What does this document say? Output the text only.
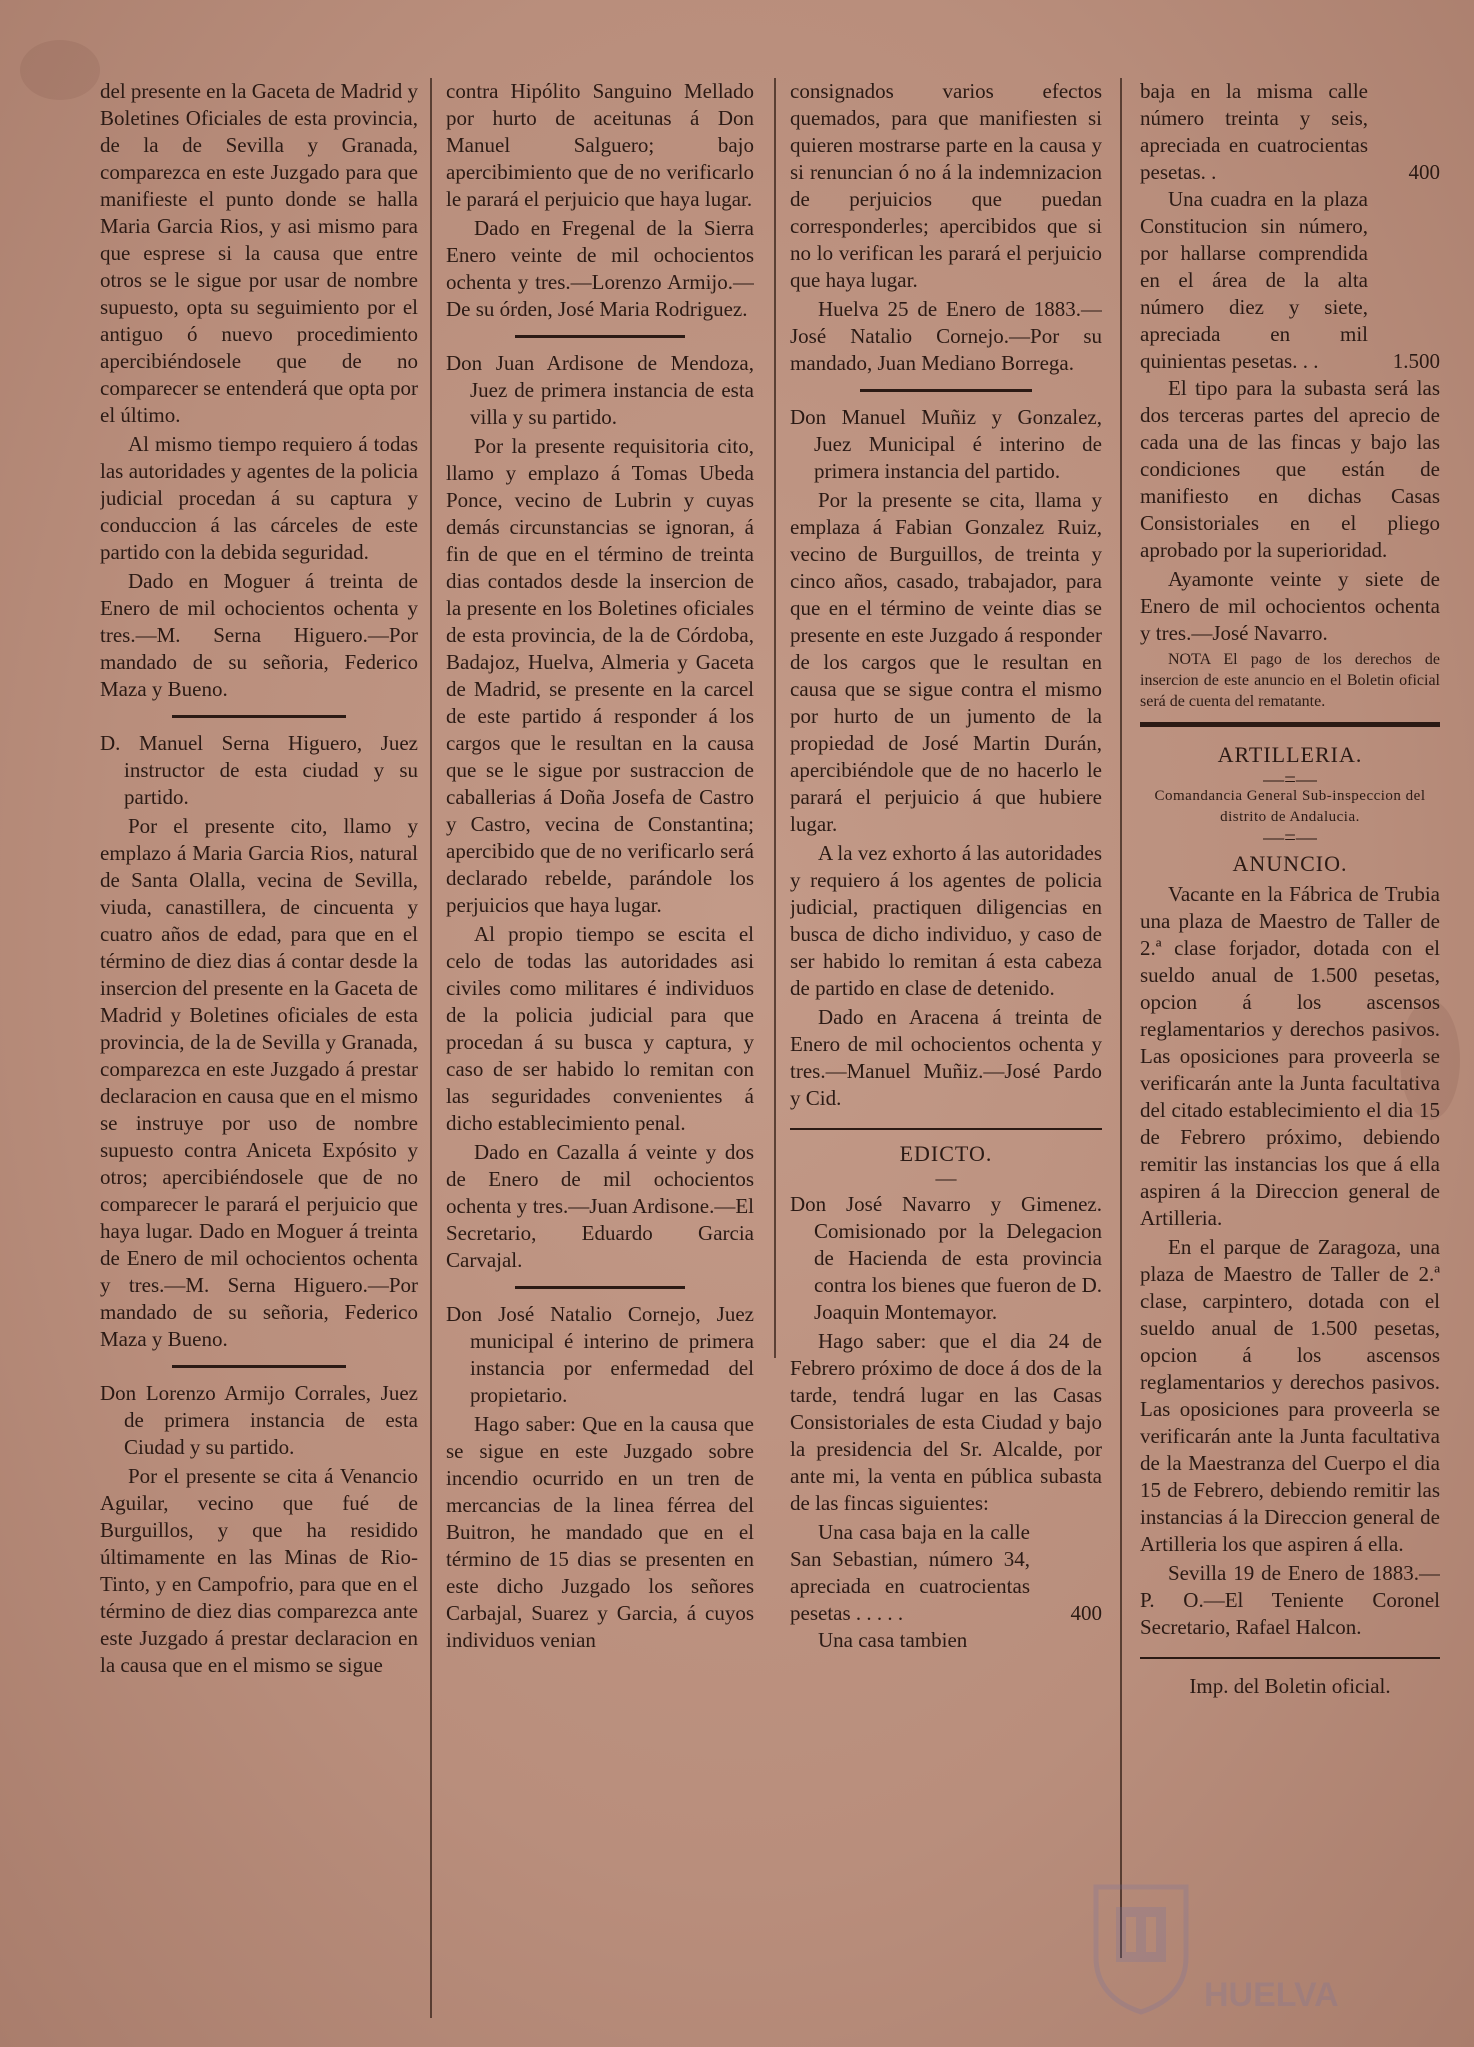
del presente en la Gaceta de Madrid y Boletines Oficiales de esta provincia, de la de Sevilla y Granada, comparezca en este Juzgado para que manifieste el punto donde se halla Maria Garcia Rios, y asi mismo para que esprese si la causa que entre otros se le sigue por usar de nombre supuesto, opta su seguimiento por el antiguo ó nuevo procedimiento apercibiéndosele que de no comparecer se entenderá que opta por el último.

Al mismo tiempo requiero á todas las autoridades y agentes de la policia judicial procedan á su captura y conduccion á las cárceles de este partido con la debida seguridad.

Dado en Moguer á treinta de Enero de mil ochocientos ochenta y tres.—M. Serna Higuero.—Por mandado de su señoria, Federico Maza y Bueno.

D. Manuel Serna Higuero, Juez instructor de esta ciudad y su partido.

Por el presente cito, llamo y emplazo á Maria Garcia Rios, natural de Santa Olalla, vecina de Sevilla, viuda, canastillera, de cincuenta y cuatro años de edad, para que en el término de diez dias á contar desde la insercion del presente en la Gaceta de Madrid y Boletines oficiales de esta provincia, de la de Sevilla y Granada, comparezca en este Juzgado á prestar declaracion en causa que en el mismo se instruye por uso de nombre supuesto contra Aniceta Expósito y otros; apercibiéndosele que de no comparecer le parará el perjuicio que haya lugar. Dado en Moguer á treinta de Enero de mil ochocientos ochenta y tres.—M. Serna Higuero.—Por mandado de su señoria, Federico Maza y Bueno.

Don Lorenzo Armijo Corrales, Juez de primera instancia de esta Ciudad y su partido.

Por el presente se cita á Venancio Aguilar, vecino que fué de Burguillos, y que ha residido últimamente en las Minas de Rio-Tinto, y en Campofrio, para que en el término de diez dias comparezca ante este Juzgado á prestar declaracion en la causa que en el mismo se sigue

contra Hipólito Sanguino Mellado por hurto de aceitunas á Don Manuel Salguero; bajo apercibimiento que de no verificarlo le parará el perjuicio que haya lugar.

Dado en Fregenal de la Sierra Enero veinte de mil ochocientos ochenta y tres.—Lorenzo Armijo.—De su órden, José Maria Rodriguez.

Don Juan Ardisone de Mendoza, Juez de primera instancia de esta villa y su partido.

Por la presente requisitoria cito, llamo y emplazo á Tomas Ubeda Ponce, vecino de Lubrin y cuyas demás circunstancias se ignoran, á fin de que en el término de treinta dias contados desde la insercion de la presente en los Boletines oficiales de esta provincia, de la de Córdoba, Badajoz, Huelva, Almeria y Gaceta de Madrid, se presente en la carcel de este partido á responder á los cargos que le resultan en la causa que se le sigue por sustraccion de caballerias á Doña Josefa de Castro y Castro, vecina de Constantina; apercibido que de no verificarlo será declarado rebelde, parándole los perjuicios que haya lugar.

Al propio tiempo se escita el celo de todas las autoridades asi civiles como militares é individuos de la policia judicial para que procedan á su busca y captura, y caso de ser habido lo remitan con las seguridades convenientes á dicho establecimiento penal.

Dado en Cazalla á veinte y dos de Enero de mil ochocientos ochenta y tres.—Juan Ardisone.—El Secretario, Eduardo Garcia Carvajal.

Don José Natalio Cornejo, Juez municipal é interino de primera instancia por enfermedad del propietario.

Hago saber: Que en la causa que se sigue en este Juzgado sobre incendio ocurrido en un tren de mercancias de la linea férrea del Buitron, he mandado que en el término de 15 dias se presenten en este dicho Juzgado los señores Carbajal, Suarez y Garcia, á cuyos individuos venian

consignados varios efectos quemados, para que manifiesten si quieren mostrarse parte en la causa y si renuncian ó no á la indemnizacion de perjuicios que puedan corresponderles; apercibidos que si no lo verifican les parará el perjuicio que haya lugar.

Huelva 25 de Enero de 1883.—José Natalio Cornejo.—Por su mandado, Juan Mediano Borrega.

Don Manuel Muñiz y Gonzalez, Juez Municipal é interino de primera instancia del partido.

Por la presente se cita, llama y emplaza á Fabian Gonzalez Ruiz, vecino de Burguillos, de treinta y cinco años, casado, trabajador, para que en el término de veinte dias se presente en este Juzgado á responder de los cargos que le resultan en causa que se sigue contra el mismo por hurto de un jumento de la propiedad de José Martin Durán, apercibiéndole que de no hacerlo le parará el perjuicio á que hubiere lugar.

A la vez exhorto á las autoridades y requiero á los agentes de policia judicial, practiquen diligencias en busca de dicho individuo, y caso de ser habido lo remitan á esta cabeza de partido en clase de detenido.

Dado en Aracena á treinta de Enero de mil ochocientos ochenta y tres.—Manuel Muñiz.—José Pardo y Cid.

EDICTO.

—

Don José Navarro y Gimenez. Comisionado por la Delegacion de Hacienda de esta provincia contra los bienes que fueron de D. Joaquin Montemayor.

Hago saber: que el dia 24 de Febrero próximo de doce á dos de la tarde, tendrá lugar en las Casas Consistoriales de esta Ciudad y bajo la presidencia del Sr. Alcalde, por ante mi, la venta en pública subasta de las fincas siguientes:

Una casa baja en la calle San Sebastian, número 34, apreciada en cuatrocientas pesetas . . . . .	400

Una casa tambien

baja en la misma calle número treinta y seis, apreciada en cuatrocientas pesetas. .	400
Una cuadra en la plaza Constitucion sin número, por hallarse comprendida en el área de la alta número diez y siete, apreciada en mil quinientas pesetas. . .	1.500

El tipo para la subasta será las dos terceras partes del aprecio de cada una de las fincas y bajo las condiciones que están de manifiesto en dichas Casas Consistoriales en el pliego aprobado por la superioridad.

Ayamonte veinte y siete de Enero de mil ochocientos ochenta y tres.—José Navarro.

NOTA El pago de los derechos de insercion de este anuncio en el Boletin oficial será de cuenta del rematante.

ARTILLERIA.

—=—

Comandancia General Sub-inspeccion del distrito de Andalucia.

—=—

ANUNCIO.

Vacante en la Fábrica de Trubia una plaza de Maestro de Taller de 2.ª clase forjador, dotada con el sueldo anual de 1.500 pesetas, opcion á los ascensos reglamentarios y derechos pasivos. Las oposiciones para proveerla se verificarán ante la Junta facultativa del citado establecimiento el dia 15 de Febrero próximo, debiendo remitir las instancias los que á ella aspiren á la Direccion general de Artilleria.

En el parque de Zaragoza, una plaza de Maestro de Taller de 2.ª clase, carpintero, dotada con el sueldo anual de 1.500 pesetas, opcion á los ascensos reglamentarios y derechos pasivos. Las oposiciones para proveerla se verificarán ante la Junta facultativa de la Maestranza del Cuerpo el dia 15 de Febrero, debiendo remitir las instancias á la Direccion general de Artilleria los que aspiren á ella.

Sevilla 19 de Enero de 1883.—P. O.—El Teniente Coronel Secretario, Rafael Halcon.

Imp. del Boletin oficial.

HUELVA
